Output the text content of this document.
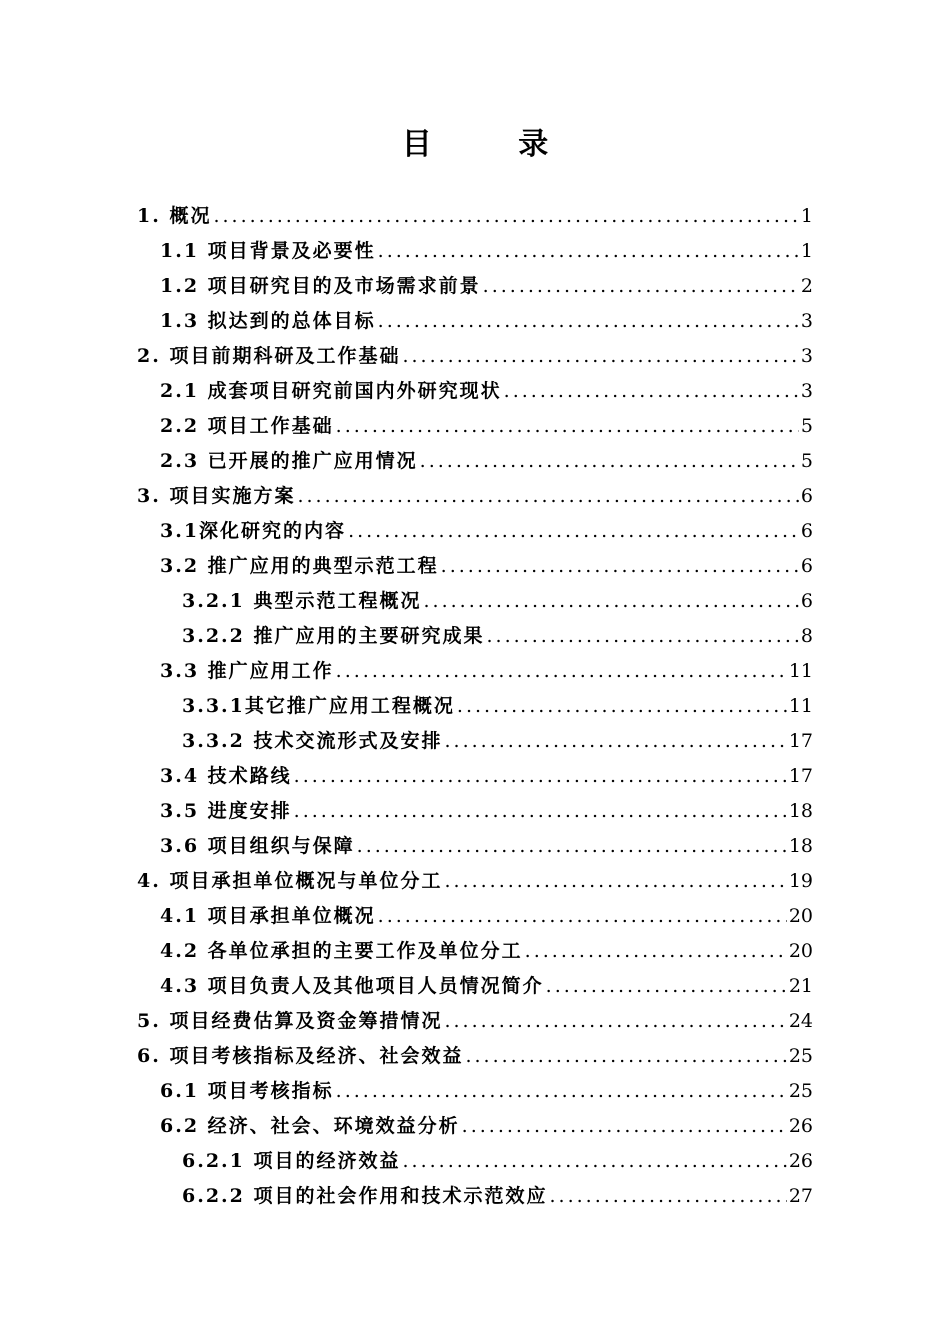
目 录
1. 概况 .....	1
1.1 项目背景及必要性 .....	1
1.2 项目研究目的及市场需求前景 .....	2
1.3 拟达到的总体目标 .....	3
2. 项目前期科研及工作基础 .....	3
2.1 成套项目研究前国内外研究现状 .....	3
2.2 项目工作基础 .....	5
2.3 已开展的推广应用情况 .....	5
3. 项目实施方案 .....	6
3.1深化研究的内容 .....	6
3.2 推广应用的典型示范工程 .....	6
3.2.1 典型示范工程概况 .....	6
3.2.2 推广应用的主要研究成果 .....	8
3.3 推广应用工作 .....	11
3.3.1其它推广应用工程概况 .....	11
3.3.2 技术交流形式及安排 .....	17
3.4 技术路线 .....	17
3.5 进度安排 .....	18
3.6 项目组织与保障 .....	18
4. 项目承担单位概况与单位分工 .....	19
4.1 项目承担单位概况 .....	20
4.2 各单位承担的主要工作及单位分工 .....	20
4.3 项目负责人及其他项目人员情况简介 .....	21
5. 项目经费估算及资金筹措情况 .....	24
6. 项目考核指标及经济、社会效益 .....	25
6.1 项目考核指标 .....	25
6.2 经济、社会、环境效益分析 .....	26
6.2.1 项目的经济效益 .....	26
6.2.2 项目的社会作用和技术示范效应 .....	27
